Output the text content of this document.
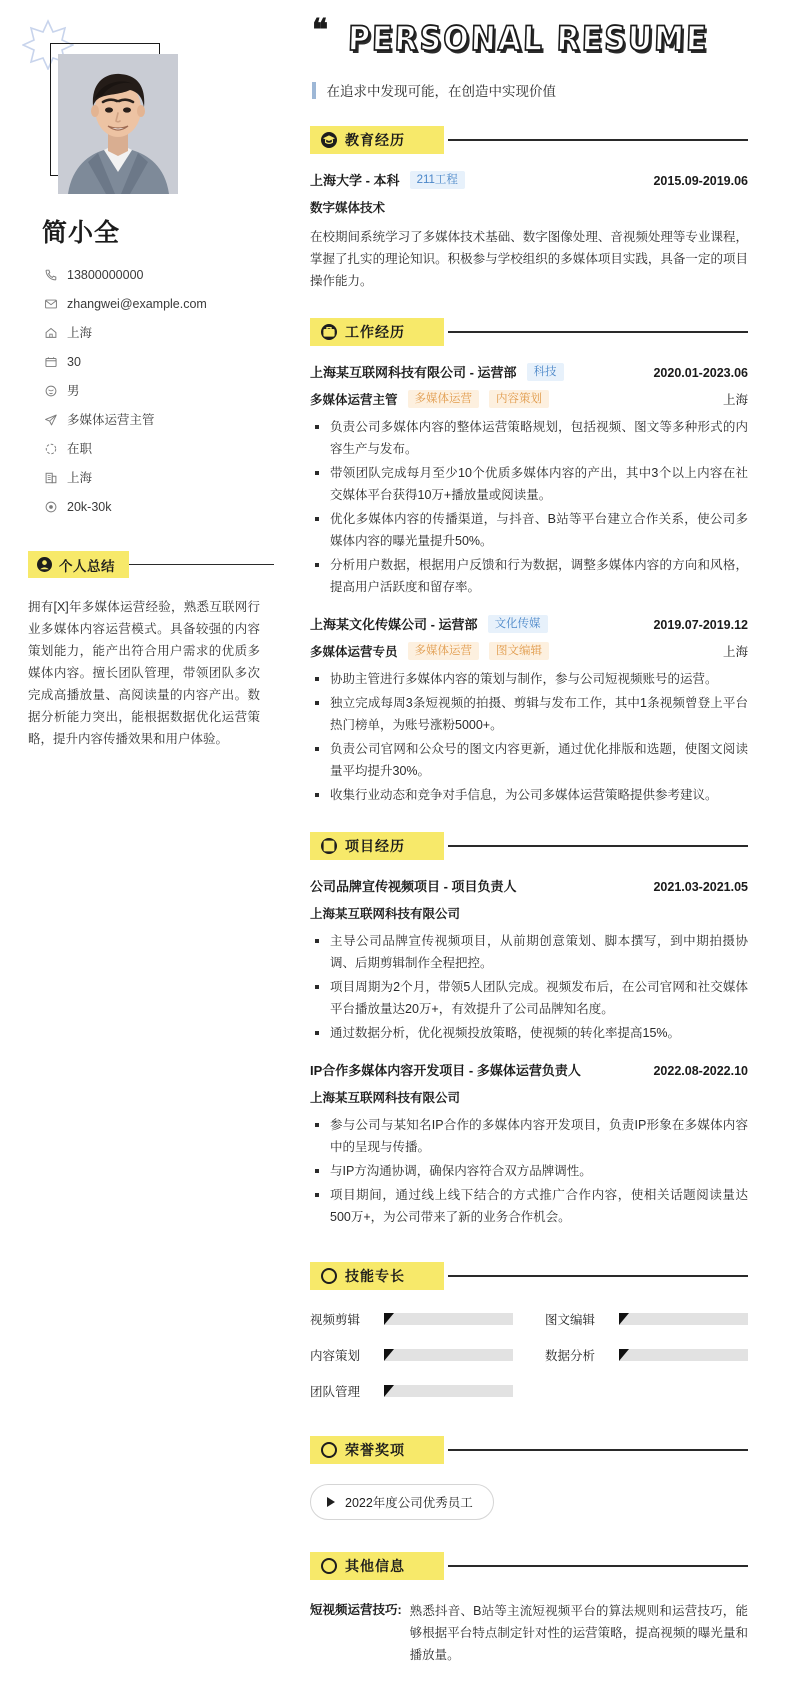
简小全
13800000000
zhangwei@example.com
上海
30
男
多媒体运营主管
在职
上海
20k-30k
个人总结

拥有[X]年多媒体运营经验，熟悉互联网行业多媒体内容运营模式。具备较强的内容策划能力，能产出符合用户需求的优质多媒体内容。擅长团队管理，带领团队多次完成高播放量、高阅读量的内容产出。数据分析能力突出，能根据数据优化运营策略，提升内容传播效果和用户体验。

❝ PERSONAL RESUME
在追求中发现可能，在创造中实现价值
教育经历
上海大学 - 本科	211工程	2015.09-2019.06
数字媒体技术

在校期间系统学习了多媒体技术基础、数字图像处理、音视频处理等专业课程，掌握了扎实的理论知识。积极参与学校组织的多媒体项目实践，具备一定的项目操作能力。

工作经历
上海某互联网科技有限公司 - 运营部	科技	2020.01-2023.06
多媒体运营主管	多媒体运营	内容策划	上海
负责公司多媒体内容的整体运营策略规划，包括视频、图文等多种形式的内容生产与发布。
带领团队完成每月至少10个优质多媒体内容的产出，其中3个以上内容在社交媒体平台获得10万+播放量或阅读量。
优化多媒体内容的传播渠道，与抖音、B站等平台建立合作关系，使公司多媒体内容的曝光量提升50%。
分析用户数据，根据用户反馈和行为数据，调整多媒体内容的方向和风格，提高用户活跃度和留存率。
上海某文化传媒公司 - 运营部	文化传媒	2019.07-2019.12
多媒体运营专员	多媒体运营	图文编辑	上海
协助主管进行多媒体内容的策划与制作，参与公司短视频账号的运营。
独立完成每周3条短视频的拍摄、剪辑与发布工作，其中1条视频曾登上平台热门榜单，为账号涨粉5000+。
负责公司官网和公众号的图文内容更新，通过优化排版和选题，使图文阅读量平均提升30%。
收集行业动态和竞争对手信息，为公司多媒体运营策略提供参考建议。
项目经历
公司品牌宣传视频项目 - 项目负责人	2021.03-2021.05
上海某互联网科技有限公司
主导公司品牌宣传视频项目，从前期创意策划、脚本撰写，到中期拍摄协调、后期剪辑制作全程把控。
项目周期为2个月，带领5人团队完成。视频发布后，在公司官网和社交媒体平台播放量达20万+，有效提升了公司品牌知名度。
通过数据分析，优化视频投放策略，使视频的转化率提高15%。
IP合作多媒体内容开发项目 - 多媒体运营负责人	2022.08-2022.10
上海某互联网科技有限公司
参与公司与某知名IP合作的多媒体内容开发项目，负责IP形象在多媒体内容中的呈现与传播。
与IP方沟通协调，确保内容符合双方品牌调性。
项目期间，通过线上线下结合的方式推广合作内容，使相关话题阅读量达500万+，为公司带来了新的业务合作机会。
技能专长
视频剪辑	图文编辑
内容策划	数据分析
团队管理
荣誉奖项
2022年度公司优秀员工
其他信息
短视频运营技巧: 熟悉抖音、B站等主流短视频平台的算法规则和运营技巧，能够根据平台特点制定针对性的运营策略，提高视频的曝光量和播放量。
